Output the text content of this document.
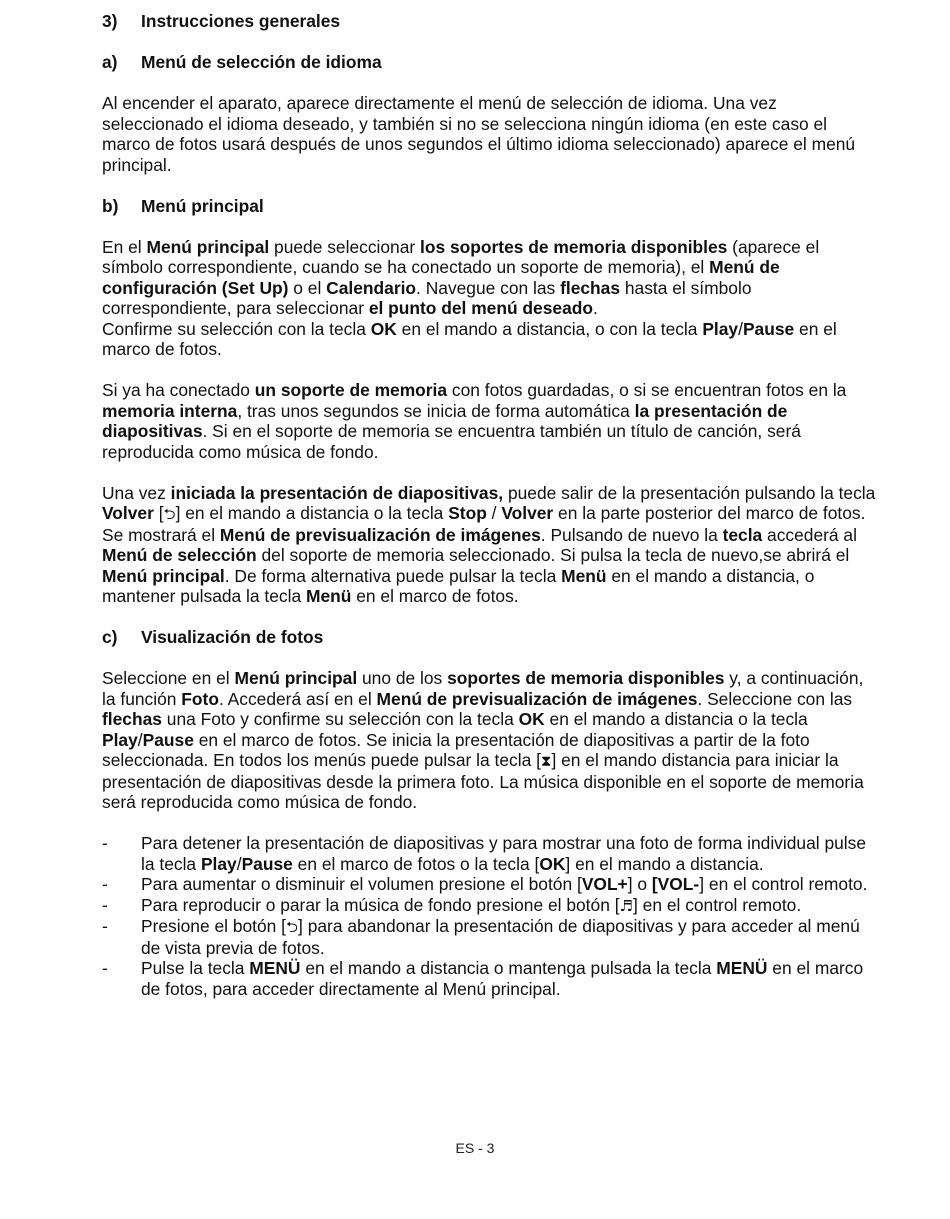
3)	Instrucciones generales
a)	Menú de selección de idioma

Al encender el aparato, aparece directamente el menú de selección de idioma. Una vez seleccionado el idioma deseado, y también si no se selecciona ningún idioma (en este caso el marco de fotos usará después de unos segundos el último idioma seleccionado) aparece el menú principal.

b)	Menú principal

En el Menú principal puede seleccionar los soportes de memoria disponibles (aparece el símbolo correspondiente, cuando se ha conectado un soporte de memoria), el Menú de configuración (Set Up) o el Calendario. Navegue con las flechas hasta el símbolo correspondiente, para seleccionar el punto del menú deseado.

Confirme su selección con la tecla OK en el mando a distancia, o con la tecla Play/Pause en el marco de fotos.

Si ya ha conectado un soporte de memoria con fotos guardadas, o si se encuentran fotos en la memoria interna, tras unos segundos se inicia de forma automática la presentación de diapositivas. Si en el soporte de memoria se encuentra también un título de canción, será reproducida como música de fondo.

Una vez iniciada la presentación de diapositivas, puede salir de la presentación pulsando la tecla Volver [⮌] en el mando a distancia o la tecla Stop / Volver en la parte posterior del marco de fotos. Se mostrará el Menú de previsualización de imágenes. Pulsando de nuevo la tecla accederá al Menú de selección del soporte de memoria seleccionado. Si pulsa la tecla de nuevo,se abrirá el Menú principal. De forma alternativa puede pulsar la tecla Menü en el mando a distancia, o mantener pulsada la tecla Menü en el marco de fotos.

c)	Visualización de fotos

Seleccione en el Menú principal uno de los soportes de memoria disponibles y, a continuación, la función Foto. Accederá así en el Menú de previsualización de imágenes. Seleccione con las flechas una Foto y confirme su selección con la tecla OK en el mando a distancia o la tecla Play/Pause en el marco de fotos. Se inicia la presentación de diapositivas a partir de la foto seleccionada. En todos los menús puede pulsar la tecla [⧗] en el mando distancia para iniciar la presentación de diapositivas desde la primera foto. La música disponible en el soporte de memoria será reproducida como música de fondo.

-	Para detener la presentación de diapositivas y para mostrar una foto de forma individual pulse la tecla Play/Pause en el marco de fotos o la tecla [OK] en el mando a distancia.
-	Para aumentar o disminuir el volumen presione el botón [VOL+] o [VOL-] en el control remoto.
-	Para reproducir o parar la música de fondo presione el botón [♬] en el control remoto.
-	Presione el botón [⮌] para abandonar la presentación de diapositivas y para acceder al menú de vista previa de fotos.
-	Pulse la tecla MENÜ en el mando a distancia o mantenga pulsada la tecla MENÜ en el marco de fotos, para acceder directamente al Menú principal.
ES - 3
